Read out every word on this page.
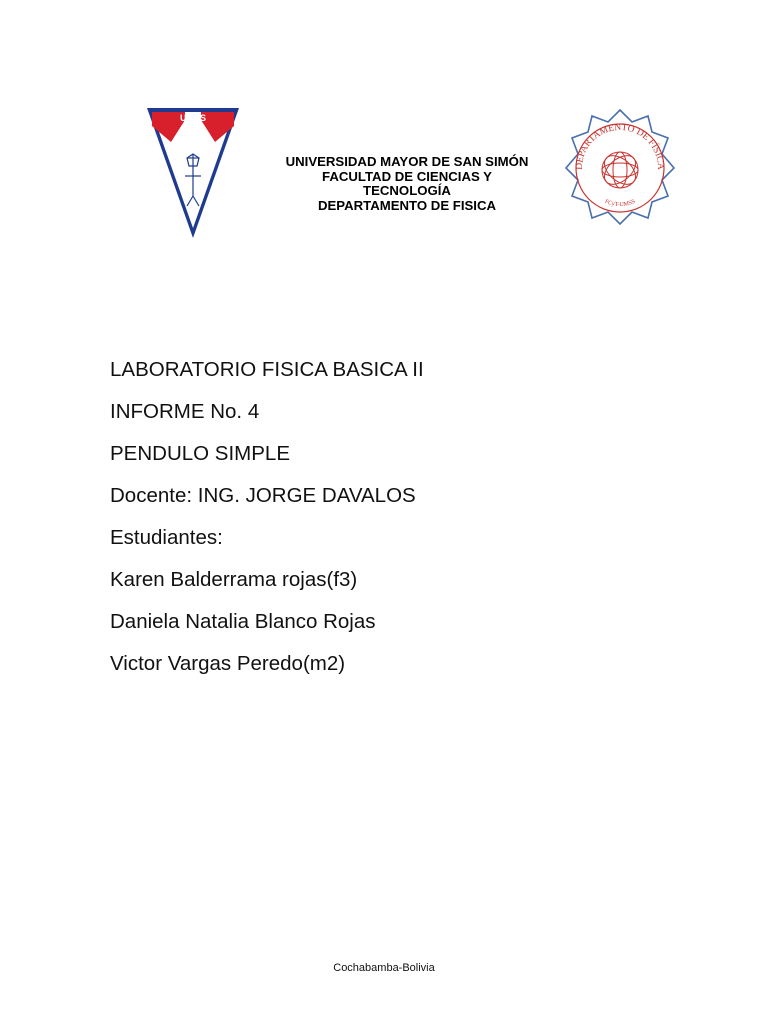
UMSS
UNIVERSIDAD MAYOR DE SAN SIMÓN
FACULTAD DE CIENCIAS Y
TECNOLOGÍA
DEPARTAMENTO DE FISICA
DEPARTAMENTO DE FÍSICA
FCyT-UMSS
LABORATORIO FISICA BASICA II
INFORME No. 4
PENDULO SIMPLE
Docente: ING. JORGE DAVALOS
Estudiantes:
Karen Balderrama rojas(f3)
Daniela Natalia Blanco Rojas
Victor Vargas Peredo(m2)
Cochabamba-Bolivia
